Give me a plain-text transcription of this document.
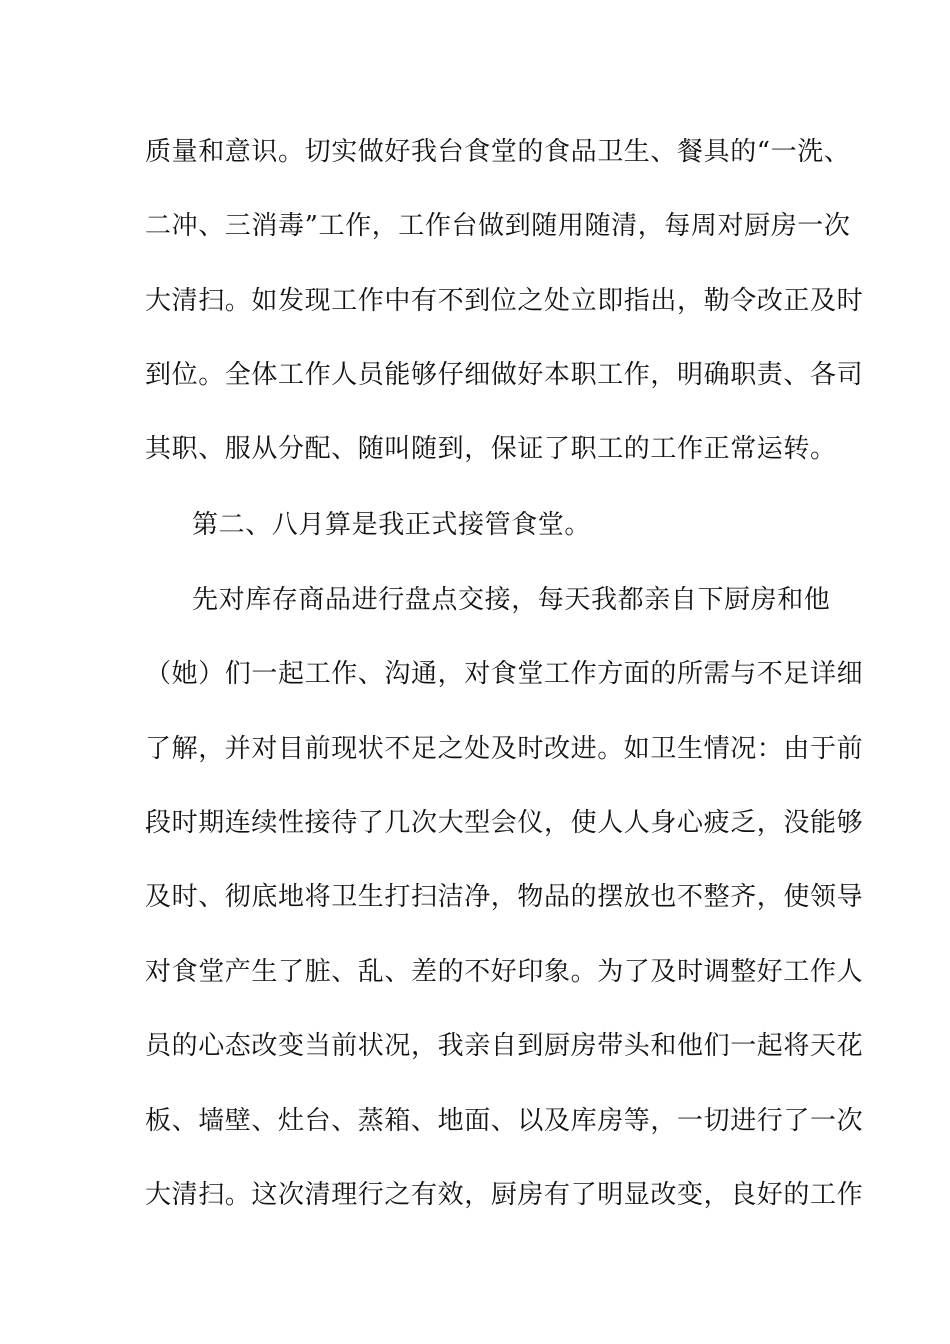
质量和意识。切实做好我台食堂的食品卫生、餐具的“一洗、
二冲、三消毒”工作，工作台做到随用随清，每周对厨房一次
大清扫。如发现工作中有不到位之处立即指出，勒令改正及时
到位。全体工作人员能够仔细做好本职工作，明确职责、各司
其职、服从分配、随叫随到，保证了职工的工作正常运转。
第二、八月算是我正式接管食堂。
先对库存商品进行盘点交接，每天我都亲自下厨房和他
（她）们一起工作、沟通，对食堂工作方面的所需与不足详细
了解，并对目前现状不足之处及时改进。如卫生情况：由于前
段时期连续性接待了几次大型会仪，使人人身心疲乏，没能够
及时、彻底地将卫生打扫洁净，物品的摆放也不整齐，使领导
对食堂产生了脏、乱、差的不好印象。为了及时调整好工作人
员的心态改变当前状况，我亲自到厨房带头和他们一起将天花
板、墙壁、灶台、蒸箱、地面、以及库房等，一切进行了一次
大清扫。这次清理行之有效，厨房有了明显改变，良好的工作
